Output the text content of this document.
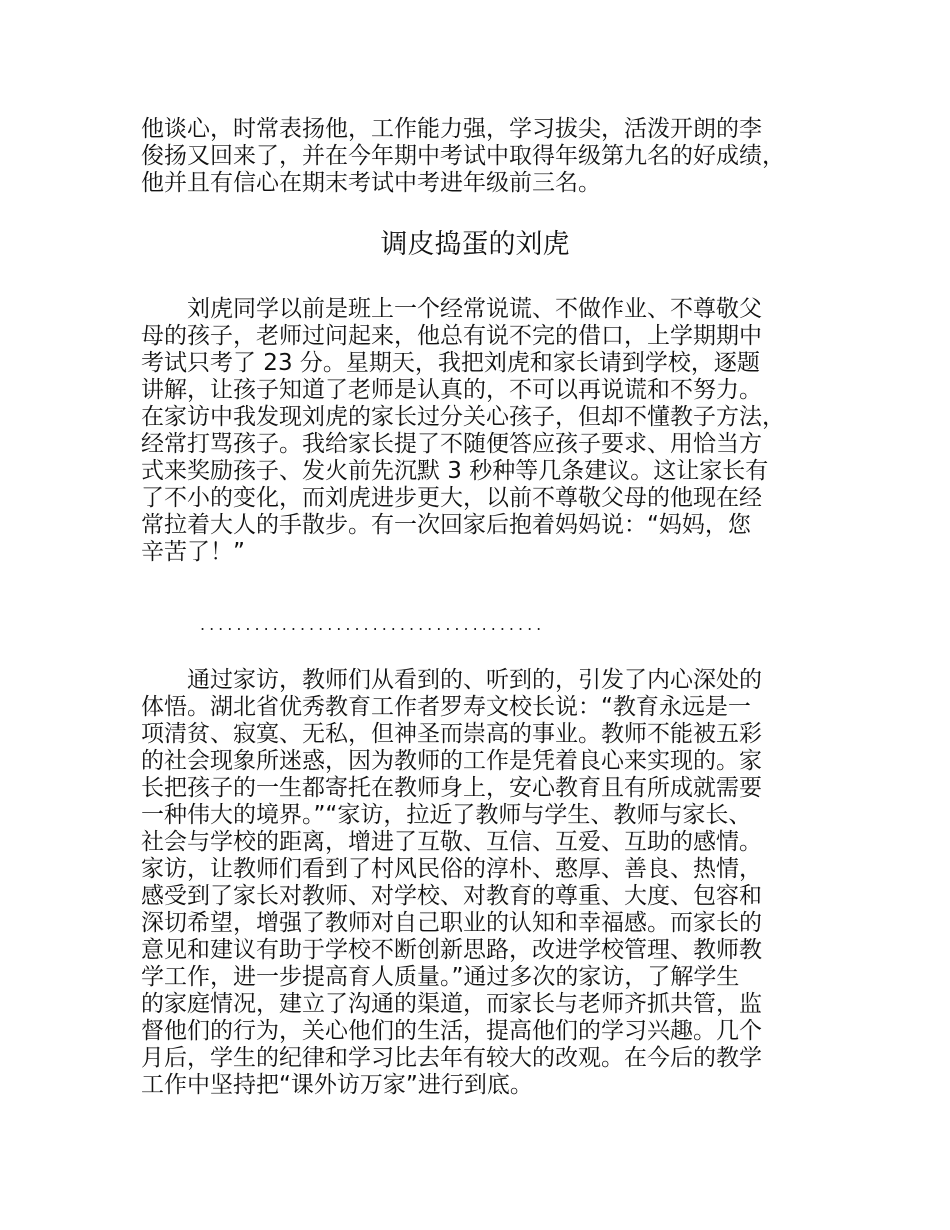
他谈心，时常表扬他，工作能力强，学习拔尖，活泼开朗的李
俊扬又回来了，并在今年期中考试中取得年级第九名的好成绩，
他并且有信心在期末考试中考进年级前三名。
调皮捣蛋的刘虎
　　刘虎同学以前是班上一个经常说谎、不做作业、不尊敬父
母的孩子，老师过问起来，他总有说不完的借口，上学期期中
考试只考了 23 分。星期天，我把刘虎和家长请到学校，逐题
讲解，让孩子知道了老师是认真的，不可以再说谎和不努力。
在家访中我发现刘虎的家长过分关心孩子，但却不懂教子方法，
经常打骂孩子。我给家长提了不随便答应孩子要求、用恰当方
式来奖励孩子、发火前先沉默 3 秒种等几条建议。这让家长有
了不小的变化，而刘虎进步更大，以前不尊敬父母的他现在经
常拉着大人的手散步。有一次回家后抱着妈妈说：“妈妈，您
辛苦了！”
......................................
　　通过家访，教师们从看到的、听到的，引发了内心深处的
体悟。湖北省优秀教育工作者罗寿文校长说：“教育永远是一
项清贫、寂寞、无私，但神圣而崇高的事业。教师不能被五彩
的社会现象所迷惑，因为教师的工作是凭着良心来实现的。家
长把孩子的一生都寄托在教师身上，安心教育且有所成就需要
一种伟大的境界。”“家访，拉近了教师与学生、教师与家长、
社会与学校的距离，增进了互敬、互信、互爱、互助的感情。
家访，让教师们看到了村风民俗的淳朴、憨厚、善良、热情，
感受到了家长对教师、对学校、对教育的尊重、大度、包容和
深切希望，增强了教师对自己职业的认知和幸福感。而家长的
意见和建议有助于学校不断创新思路，改进学校管理、教师教
学工作，进一步提高育人质量。”通过多次的家访，了解学生
的家庭情况，建立了沟通的渠道，而家长与老师齐抓共管，监
督他们的行为，关心他们的生活，提高他们的学习兴趣。几个
月后，学生的纪律和学习比去年有较大的改观。在今后的教学
工作中坚持把“课外访万家”进行到底。
